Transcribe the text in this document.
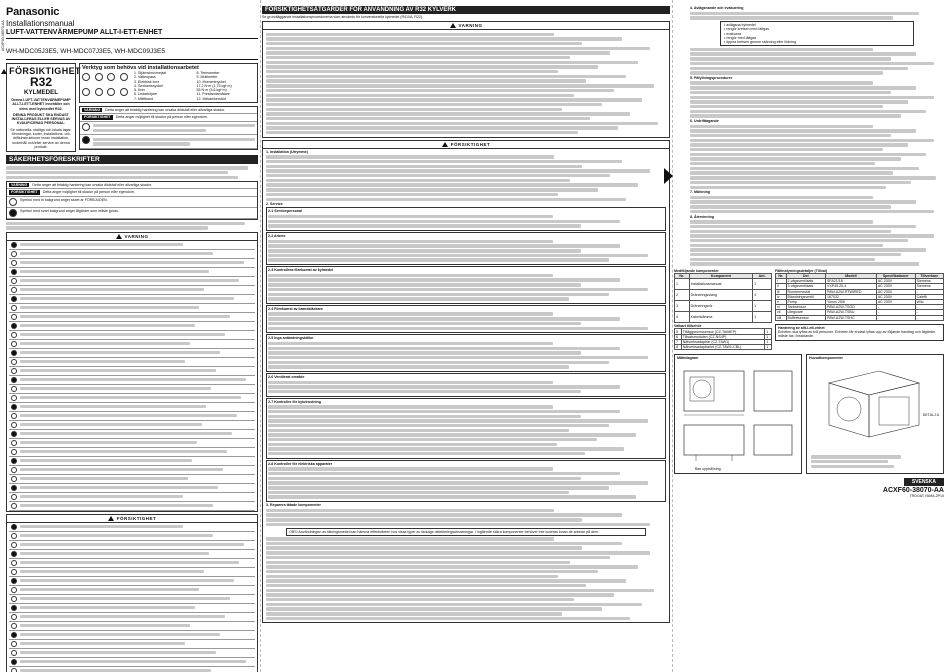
Panasonic
Installationsmanual
LUFT-VATTENVÄRMEPUMP ALLT-I-ETT-ENHET
WH-MDC05J3E5, WH-MDC07J3E5, WH-MDC09J3E5
ACXF60-38070-AA
FÖRSIKTIGHET
R32
KYLMEDEL
Denna LUFT-VATTENVÄRMEPUMP ALLT-I-ETT-ENHET innehåller och drivs med kylmedlet R32.
DENNA PRODUKT SKA ENDAST INSTALLERAS ELLER SERVAS AV KVALIFICERAD PERSONAL.
Se nationella, statliga och lokala lagar, förordningar, koder, installations- och driftsinstruktioner innan installation, underhåll och/eller service av denna produkt.
Verktyg som behövs vid installationsarbetet
1. Stjärnskruvmejsel
2. Vattenpass
3. Elektrisk borr
4. Sexkantsnyckel
5. Kniv
6. Ledarböjare
7. Måttband
8. Termometer
9. Multimeter
10. Momentnyckel
17,2 N·m (1,75 kgf·m)
55 N·m (5,6 kgf·m)
11. Prestandamätare
12. Mekanikerstöd
VARNING	Detta anger att felaktig hantering kan orsaka dödsfall eller allvarliga skador.
FÖRSIKTIGHET	Detta anger möjlighet till skador på person eller egendom.
SÄKERHETSFÖRESKRIFTER
VARNING	Detta anger att felaktig hantering kan orsaka dödsfall eller allvarliga skador.
FÖRSIKTIGHET	Detta anger möjlighet till skador på person eller egendom.
Symbol med bl bakgrund anger slutet är FÖRBJUDEN.
Symbol med svart bakgrund anger åtgärder som måste göras.
VARNING
FÖRSIKTIGHET
FÖRSIKTIGHETSÅTGÄRDER FÖR ANVÄNDNING AV R32 KYLVERK
Se grundläggande installationsprocedurerna som används för konventionella kylmedel (R410A, R22).
VARNING
FÖRSIKTIGHET
1. Installation (Utrymme)
2. Service
2-1 Servicepersonal
2-2 Arbete
2-3 Kontrollera förekomst av kylmedel
2-4 Förekomst av brandsläckare
2-5 Inga antändningskällor
2-6 Ventilerat område
2-7 Kontroller för kylutrustning
2-8 Kontroller för elektriska apparater
3. Reparera tätade komponenter
OBS! Användningen av tätningsmedel kan hämma effektiviteten hos vissa typer av läckage detekteringsutrustningar. I Ingående säkra komponenter behöver inte isoleras innan de arbetar på dem.
4. Avlägsnande och evakuering
• avlägsna kylmedel
• rengör kretsen med lättgas
• evakuera
• rengör med lättgas
• öppna kretsen genom skärning eller lödning
5. Påfyllningsprocedurer
6. Urdrifttagande
7. Märkning
8. Återvinning
Medföljande komponenter
Nr.	Komponent	Ant.
1	Installationsmanual	1
2	Dräneringsslang	1
3	Dräneringsrör	1
4	Kabelklämma	1
Valbart tillbehör
5	Tilläggsrumssensor (CZ-TA08EP)	1
6	Tillsatsmodulen (CZ-NS4P)	1
7	Nätverksadaptrar (CZ-TAW1)	1
8	Nätverksadaptrarlet (CZ-TAW1-CBL)	1
Fältinstyrningsdetaljer (Tillval)
Nr.	Del	Modell	Specifikationer	Tillverkare
i	2-vägsventilsats	SFA21/18	AC 230V	Siemens
ii	3-vägsventilsats	VXP45.20-4	AC 230V	Siemens
iii	Rumtermostat	PAW-A2W-RTWIRED	AC 230V	-
iv	Blandningsventil	167032	AC 230V	Caleffi
v	Pump	Yonos 25/6	AC 230V	Wilo
vi	Tanksensor	PAW-A2W-TSOD	-	-
vii	Utegivare	PAW-A2W-TSBU	-	-
viii	Buffertsensor	PAW-A2W-TSHC	-	-
Hantering av allt-i-ett-enhet
Enheten ska lyftas av två personer. Enheten får endast lyftas upp av följande handtag och åtgärder måste tas i beaktande.
Måttdiagram
Bas upphållning
Huvudkomponenter
DETALJ A
SVENSKA
ACXF60-38070-AA
TROOAT.YAMA.2P10
